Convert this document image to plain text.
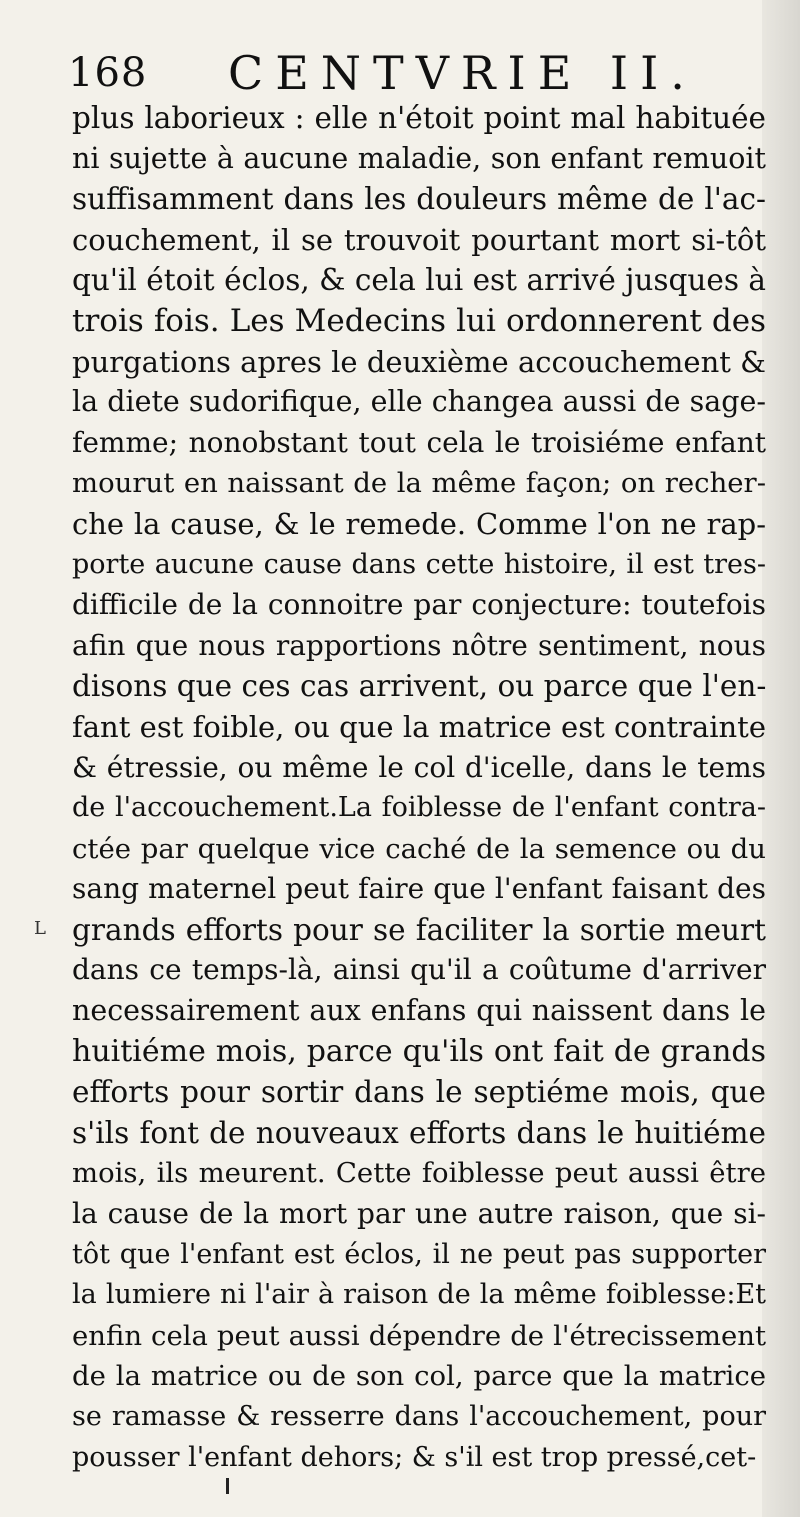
168 CENTVRIE II.
plus laborieux : elle n'étoit point mal habituée
ni sujette à aucune maladie, son enfant remuoit
suffisamment dans les douleurs même de l'ac-
couchement, il se trouvoit pourtant mort si-tôt
qu'il étoit éclos, & cela lui est arrivé jusques à
trois fois. Les Medecins lui ordonnerent des
purgations apres le deuxième accouchement &
la diete sudorifique, elle changea aussi de sage-
femme; nonobstant tout cela le troisiéme enfant
mourut en naissant de la même façon; on recher-
che la cause, & le remede. Comme l'on ne rap-
porte aucune cause dans cette histoire, il est tres-
difficile de la connoitre par conjecture: toutefois
afin que nous rapportions nôtre sentiment, nous
disons que ces cas arrivent, ou parce que l'en-
fant est foible, ou que la matrice est contrainte
& étressie, ou même le col d'icelle, dans le tems
de l'accouchement.La foiblesse de l'enfant contra-
ctée par quelque vice caché de la semence ou du
sang maternel peut faire que l'enfant faisant des
grands efforts pour se faciliter la sortie meurt
dans ce temps-là, ainsi qu'il a coûtume d'arriver
necessairement aux enfans qui naissent dans le
huitiéme mois, parce qu'ils ont fait de grands
efforts pour sortir dans le septiéme mois, que
s'ils font de nouveaux efforts dans le huitiéme
mois, ils meurent. Cette foiblesse peut aussi être
la cause de la mort par une autre raison, que si-
tôt que l'enfant est éclos, il ne peut pas supporter
la lumiere ni l'air à raison de la même foiblesse:Et
enfin cela peut aussi dépendre de l'étrecissement
de la matrice ou de son col, parce que la matrice
se ramasse & resserre dans l'accouchement, pour
pousser l'enfant dehors; & s'il est trop pressé,cet-
L
